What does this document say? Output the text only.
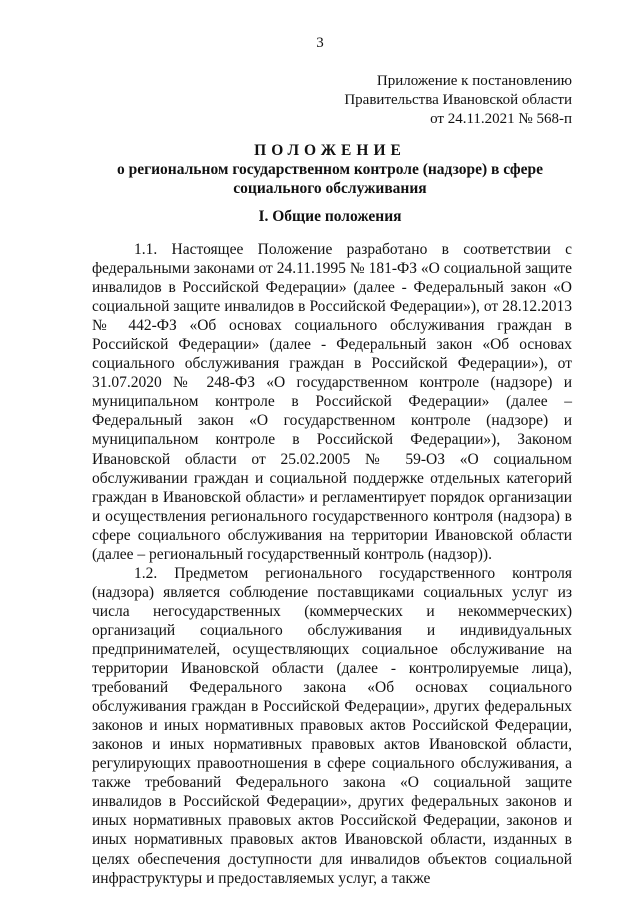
3
Приложение к постановлению
Правительства Ивановской области
от 24.11.2021 № 568-п
ПОЛОЖЕНИЕ
о региональном государственном контроле (надзоре) в сфере
социального обслуживания
I. Общие положения

1.1. Настоящее Положение разработано в соответствии с федеральными законами от 24.11.1995 № 181-ФЗ «О социальной защите инвалидов в Российской Федерации» (далее - Федеральный закон «О социальной защите инвалидов в Российской Федерации»), от 28.12.2013 № 442-ФЗ «Об основах социального обслуживания граждан в Российской Федерации» (далее - Федеральный закон «Об основах социального обслуживания граждан в Российской Федерации»), от 31.07.2020 № 248-ФЗ «О государственном контроле (надзоре) и муниципальном контроле в Российской Федерации» (далее – Федеральный закон «О государственном контроле (надзоре) и муниципальном контроле в Российской Федерации»), Законом Ивановской области от 25.02.2005 № 59-ОЗ «О социальном обслуживании граждан и социальной поддержке отдельных категорий граждан в Ивановской области» и регламентирует порядок организации и осуществления регионального государственного контроля (надзора) в сфере социального обслуживания на территории Ивановской области (далее – региональный государственный контроль (надзор)).

1.2. Предметом регионального государственного контроля (надзора) является соблюдение поставщиками социальных услуг из числа негосударственных (коммерческих и некоммерческих) организаций социального обслуживания и индивидуальных предпринимателей, осуществляющих социальное обслуживание на территории Ивановской области (далее - контролируемые лица), требований Федерального закона «Об основах социального обслуживания граждан в Российской Федерации», других федеральных законов и иных нормативных правовых актов Российской Федерации, законов и иных нормативных правовых актов Ивановской области, регулирующих правоотношения в сфере социального обслуживания, а также требований Федерального закона «О социальной защите инвалидов в Российской Федерации», других федеральных законов и иных нормативных правовых актов Российской Федерации, законов и иных нормативных правовых актов Ивановской области, изданных в целях обеспечения доступности для инвалидов объектов социальной инфраструктуры и предоставляемых услуг, а также
